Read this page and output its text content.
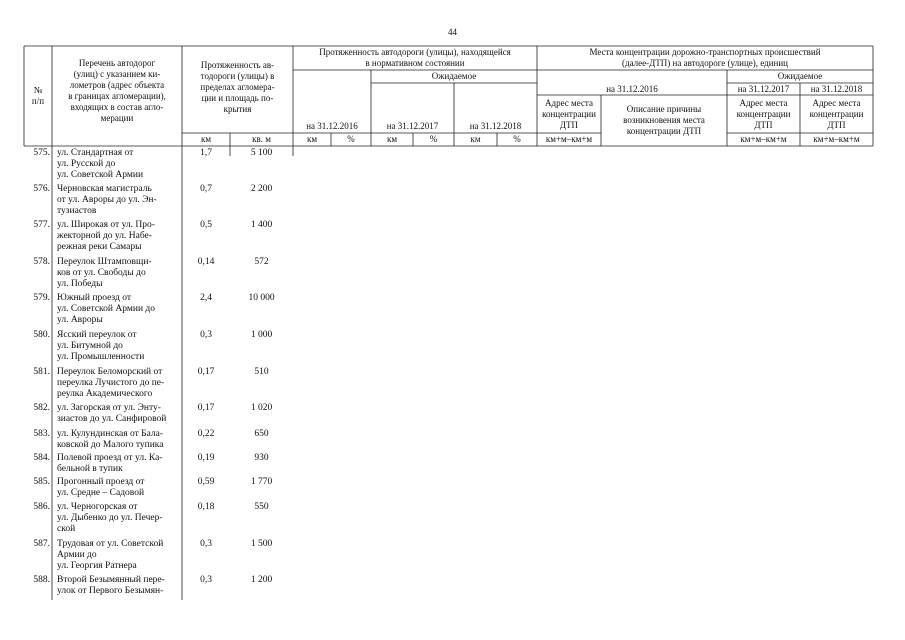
44
№
п/п
Перечень автодорог
(улиц) с указанием ки-
лометров (адрес объекта
в границах агломерации),
входящих в состав агло-
мерации
Протяженность ав-
тодороги (улицы) в
пределах агломера-
ции и площадь по-
крытия
Протяженность автодороги (улицы), находящейся
в нормативном состоянии
Ожидаемое
на 31.12.2016	на 31.12.2017	на 31.12.2018
Места концентрации дорожно-транспортных происшествий
(далее-ДТП) на автодороге (улице), единиц
Ожидаемое
на 31.12.2016	на 31.12.2017 на 31.12.2018
Адрес места
концентрации
ДТП
Описание причины
возникновения места
концентрации ДТП
Адрес места
концентрации
ДТП
Адрес места
концентрации
ДТП
км	кв. м	км	%	км	%	км	%	км+м–км+м	км+м–км+м	км+м–км+м
575. ул. Стандартная от
ул. Русской до
ул. Советской Армии
1,7	5 100
576. Черновская магистраль
от ул. Авроры до ул. Эн-
тузиастов
0,7	2 200
577. ул. Широкая от ул. Про-
жекторной до ул. Набе-
режная реки Самары
0,5	1 400
578. Переулок Штамповщи-
ков от ул. Свободы до
ул. Победы
0,14	572
579. Южный проезд от
ул. Советской Армии до
ул. Авроры
2,4	10 000
580. Ясский переулок от
ул. Битумной до
ул. Промышленности
0,3	1 000
581. Переулок Беломорский от
переулка Лучистого до пе-
реулка Академического
0,17	510
582. ул. Загорская от ул. Энту-
зиастов до ул. Санфировой
0,17	1 020
583. ул. Кулундинская от Бала-
ковской до Малого тупика
0,22	650
584. Полевой проезд от ул. Ка-
бельной в тупик
0,19	930
585. Прогонный проезд от
ул. Средне – Садовой
0,59	1 770
586. ул. Черногорская от
ул. Дыбенко до ул. Печер-
ской
0,18	550
587. Трудовая от ул. Советской
Армии до
ул. Георгия Ратнера
0,3	1 500
588. Второй Безымянный пере-
улок от Первого Безымян-
0,3	1 200
